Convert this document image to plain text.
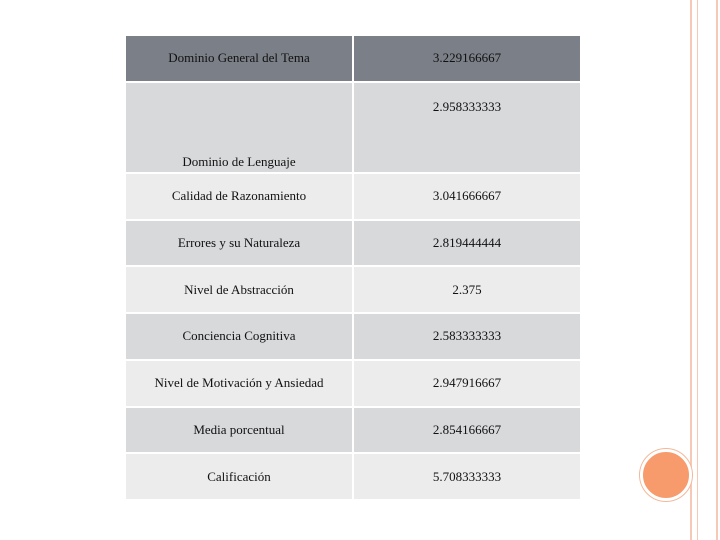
Dominio General del Tema	3.229166667
Dominio de Lenguaje	2.958333333
Calidad de Razonamiento	3.041666667
Errores y su Naturaleza	2.819444444
Nivel de Abstracción	2.375
Conciencia Cognitiva	2.583333333
Nivel de Motivación y Ansiedad	2.947916667
Media porcentual	2.854166667
Calificación	5.708333333
